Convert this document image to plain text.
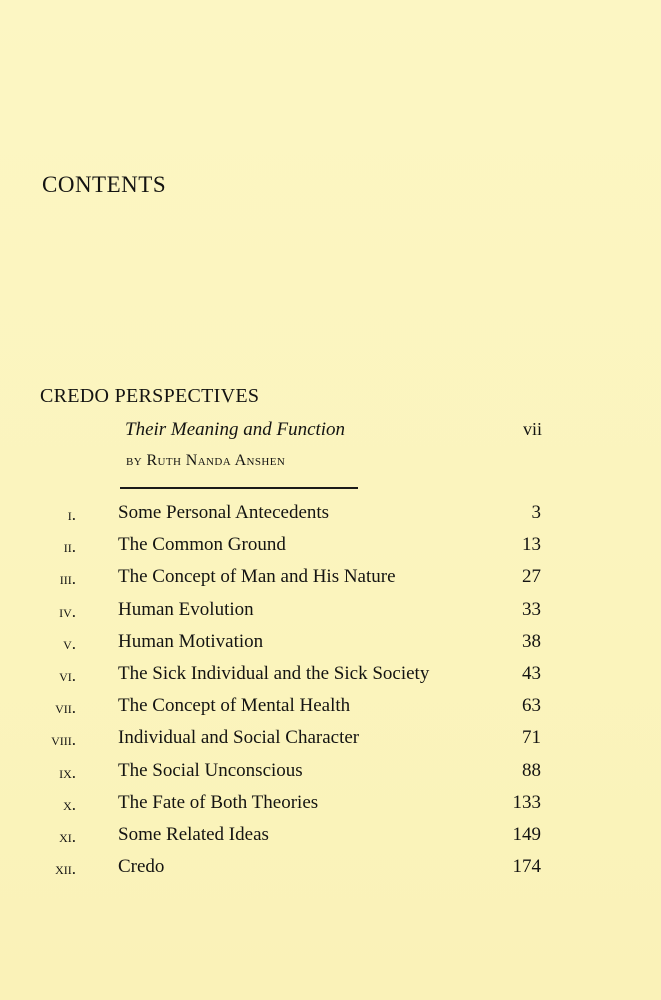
CONTENTS
CREDO PERSPECTIVES
Their Meaning and Function	vii
by Ruth Nanda Anshen
i. Some Personal Antecedents	3
ii. The Common Ground	13
iii. The Concept of Man and His Nature	27
iv. Human Evolution	33
v. Human Motivation	38
vi. The Sick Individual and the Sick Society	43
vii. The Concept of Mental Health	63
viii. Individual and Social Character	71
ix. The Social Unconscious	88
x. The Fate of Both Theories	133
xi. Some Related Ideas	149
xii. Credo	174
